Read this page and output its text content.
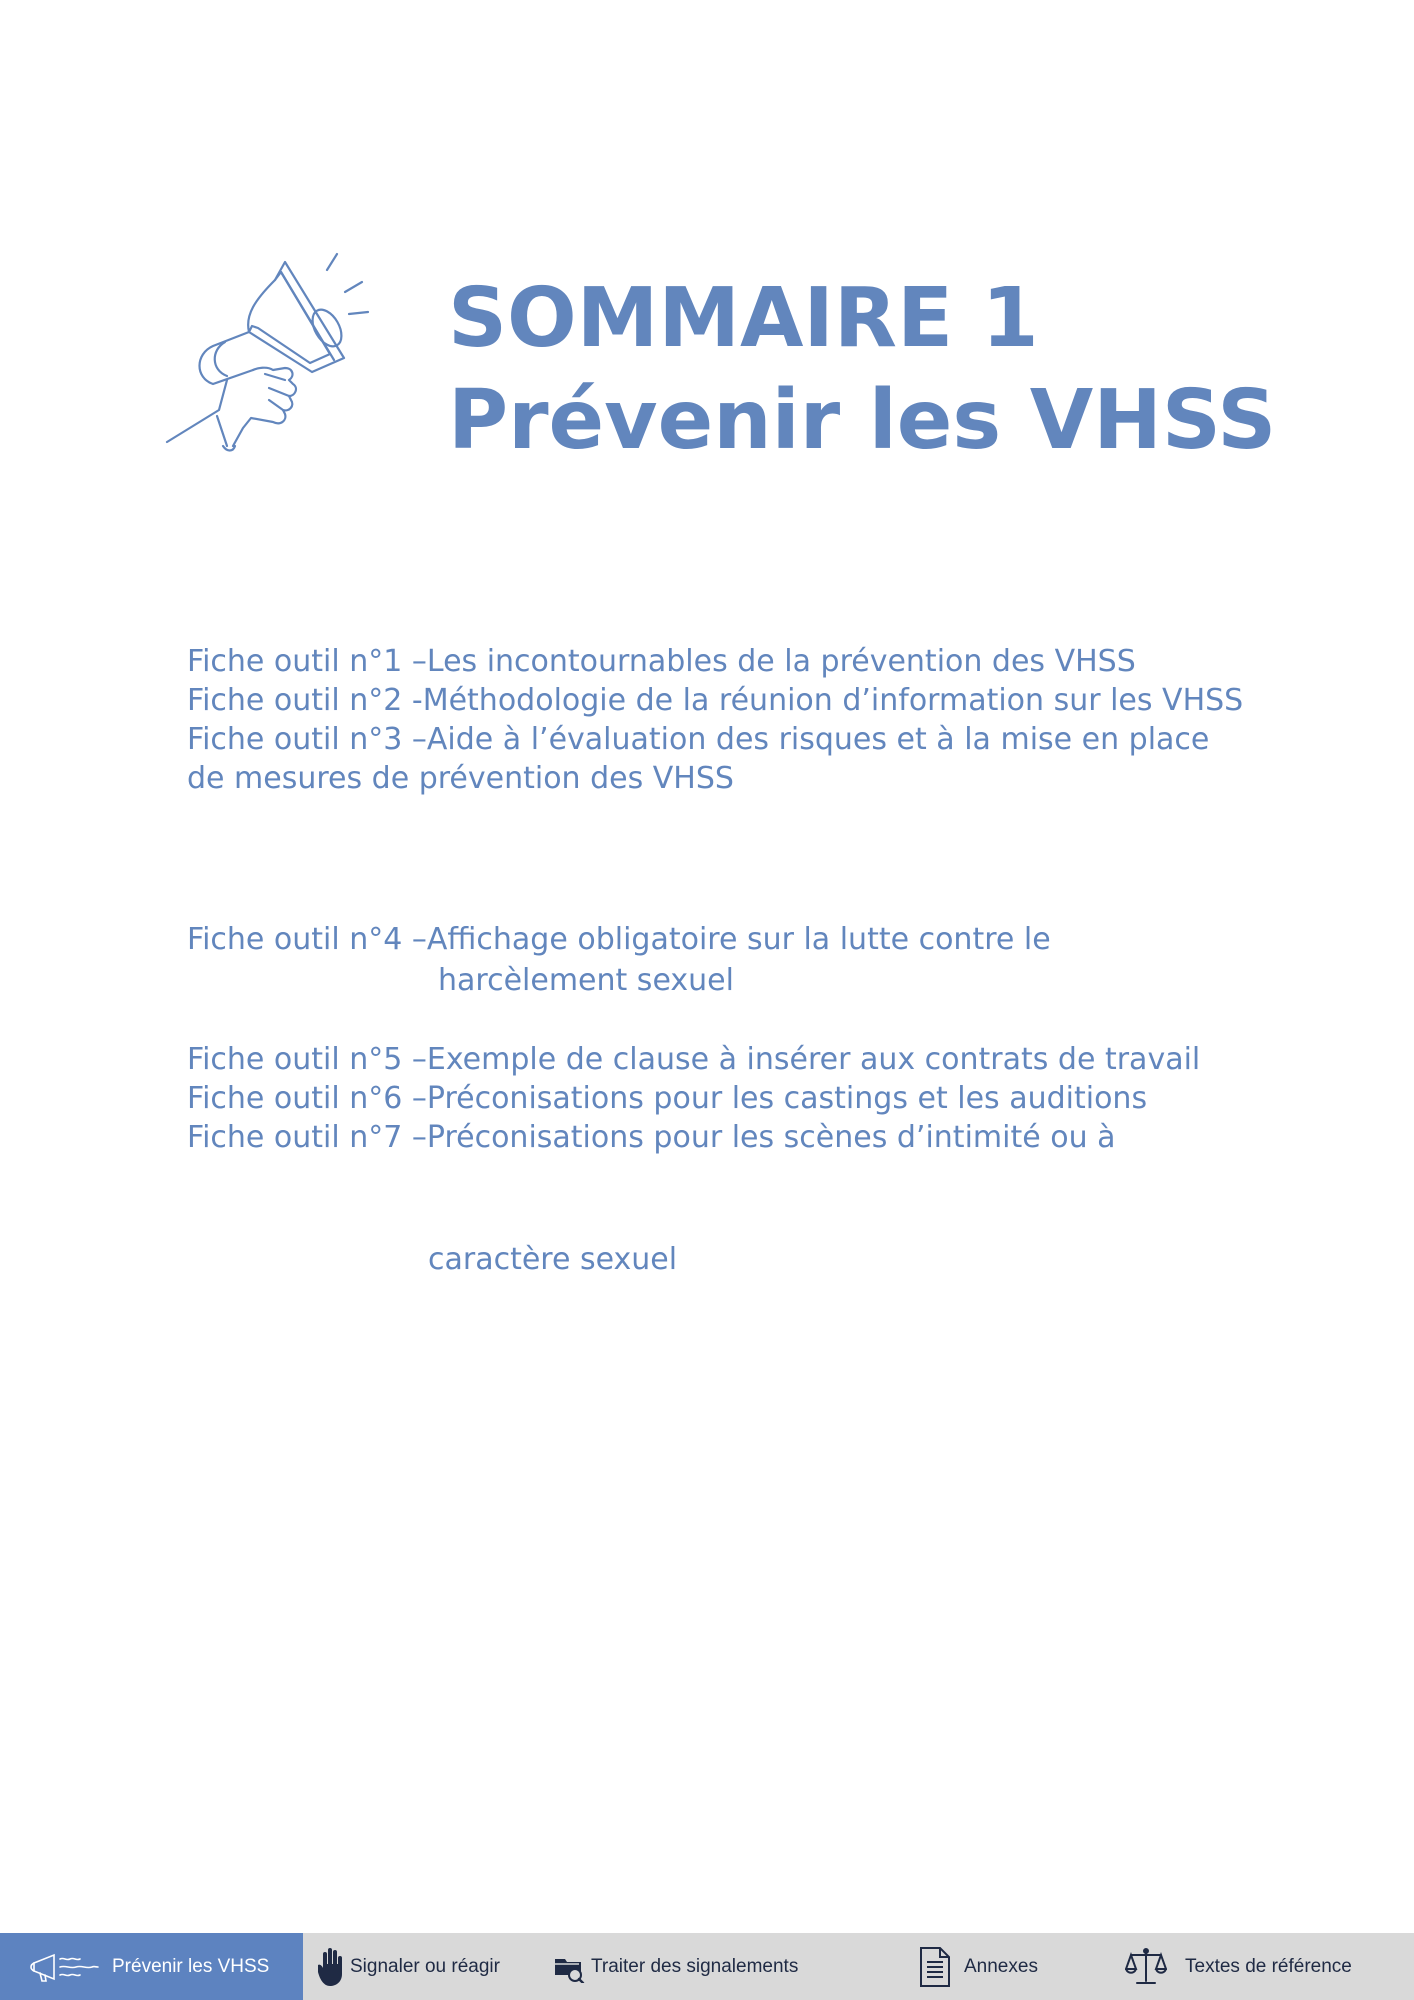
SOMMAIRE 1
Prévenir les VHSS
Fiche outil n°1 –Les incontournables de la prévention des VHSS
Fiche outil n°2 -Méthodologie de la réunion d’information sur les VHSS
Fiche outil n°3 –Aide à l’évaluation des risques et à la mise en place
de mesures de prévention des VHSS
Fiche outil n°4 –Affichage obligatoire sur la lutte contre le
harcèlement sexuel
Fiche outil n°5 –Exemple de clause à insérer aux contrats de travail
Fiche outil n°6 –Préconisations pour les castings et les auditions
Fiche outil n°7 –Préconisations pour les scènes d’intimité ou à
caractère sexuel
Prévenir les VHSS	Signaler ou réagir	Traiter des signalements	Annexes	Textes de référence
